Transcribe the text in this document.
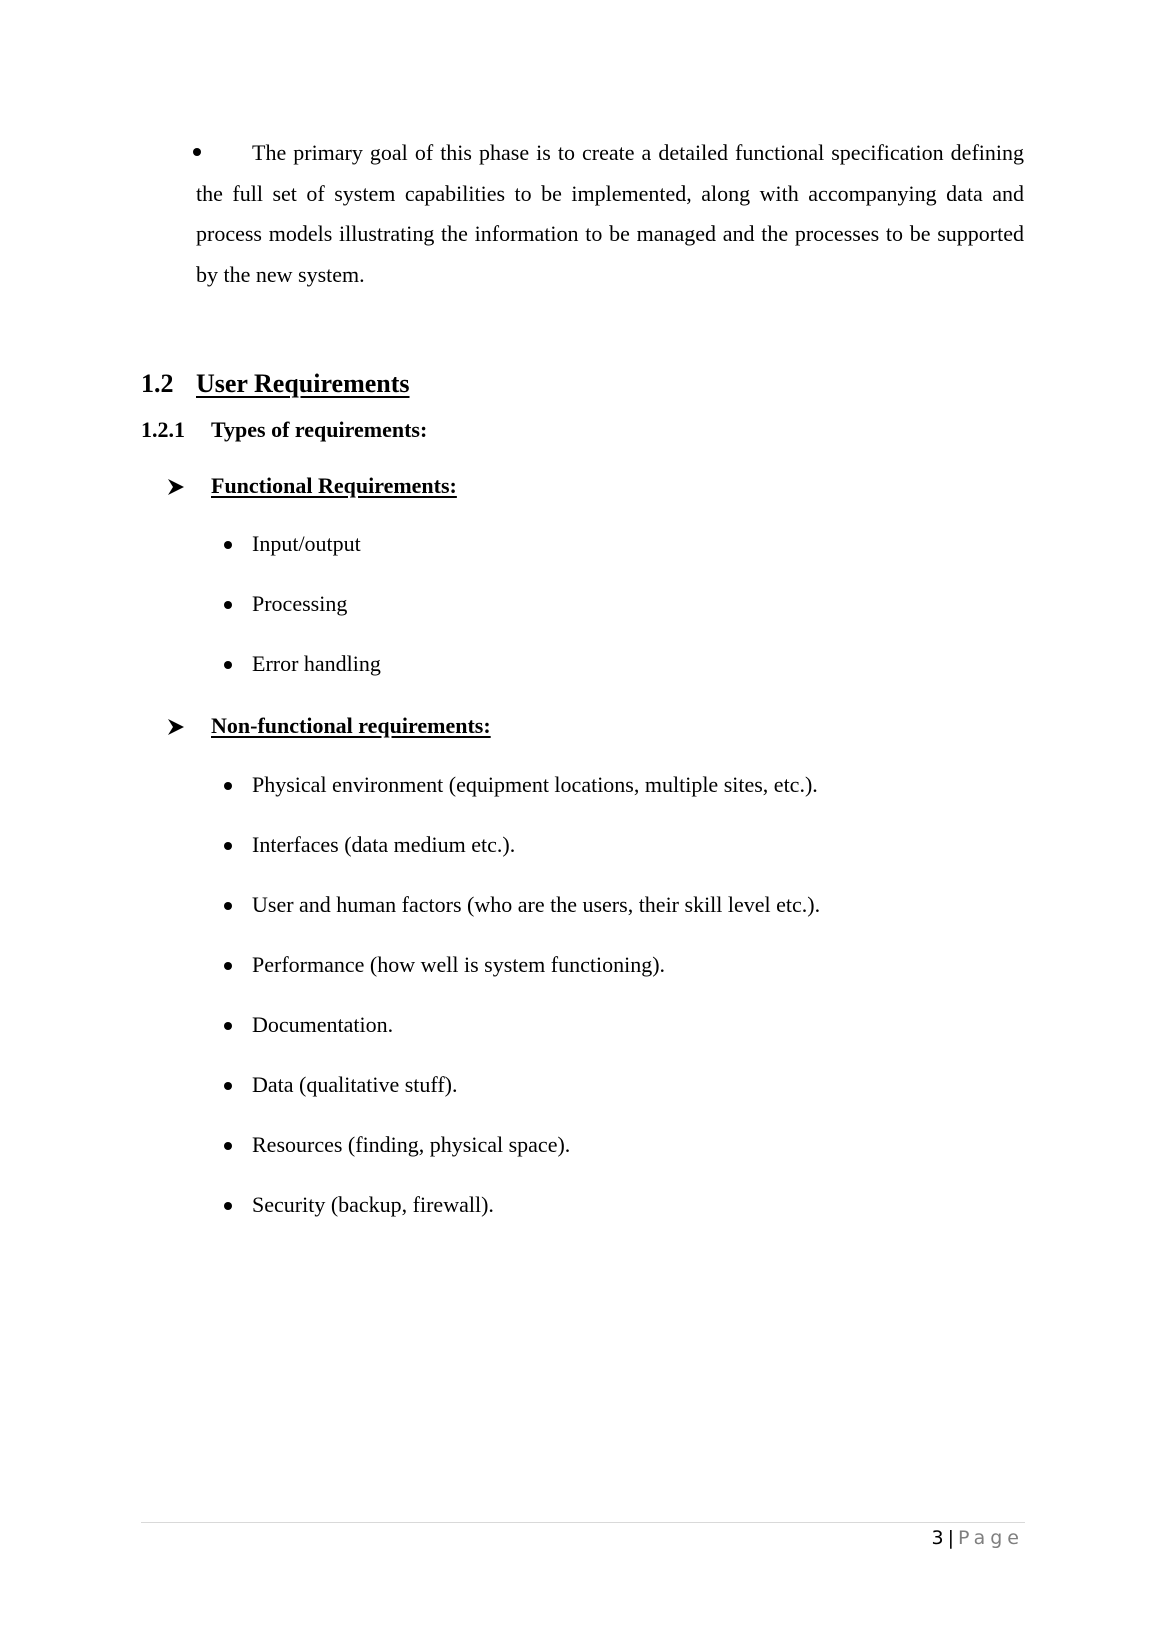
The primary goal of this phase is to create a detailed functional specification defining the full set of system capabilities to be implemented, along with accompanying data and process models illustrating the information to be managed and the processes to be supported by the new system.

1.2 User Requirements
1.2.1 Types of requirements:
Functional Requirements:
Input/output
Processing
Error handling
Non-functional requirements:
Physical environment (equipment locations, multiple sites, etc.).
Interfaces (data medium etc.).
User and human factors (who are the users, their skill level etc.).
Performance (how well is system functioning).
Documentation.
Data (qualitative stuff).
Resources (finding, physical space).
Security (backup, firewall).
3 | Page
